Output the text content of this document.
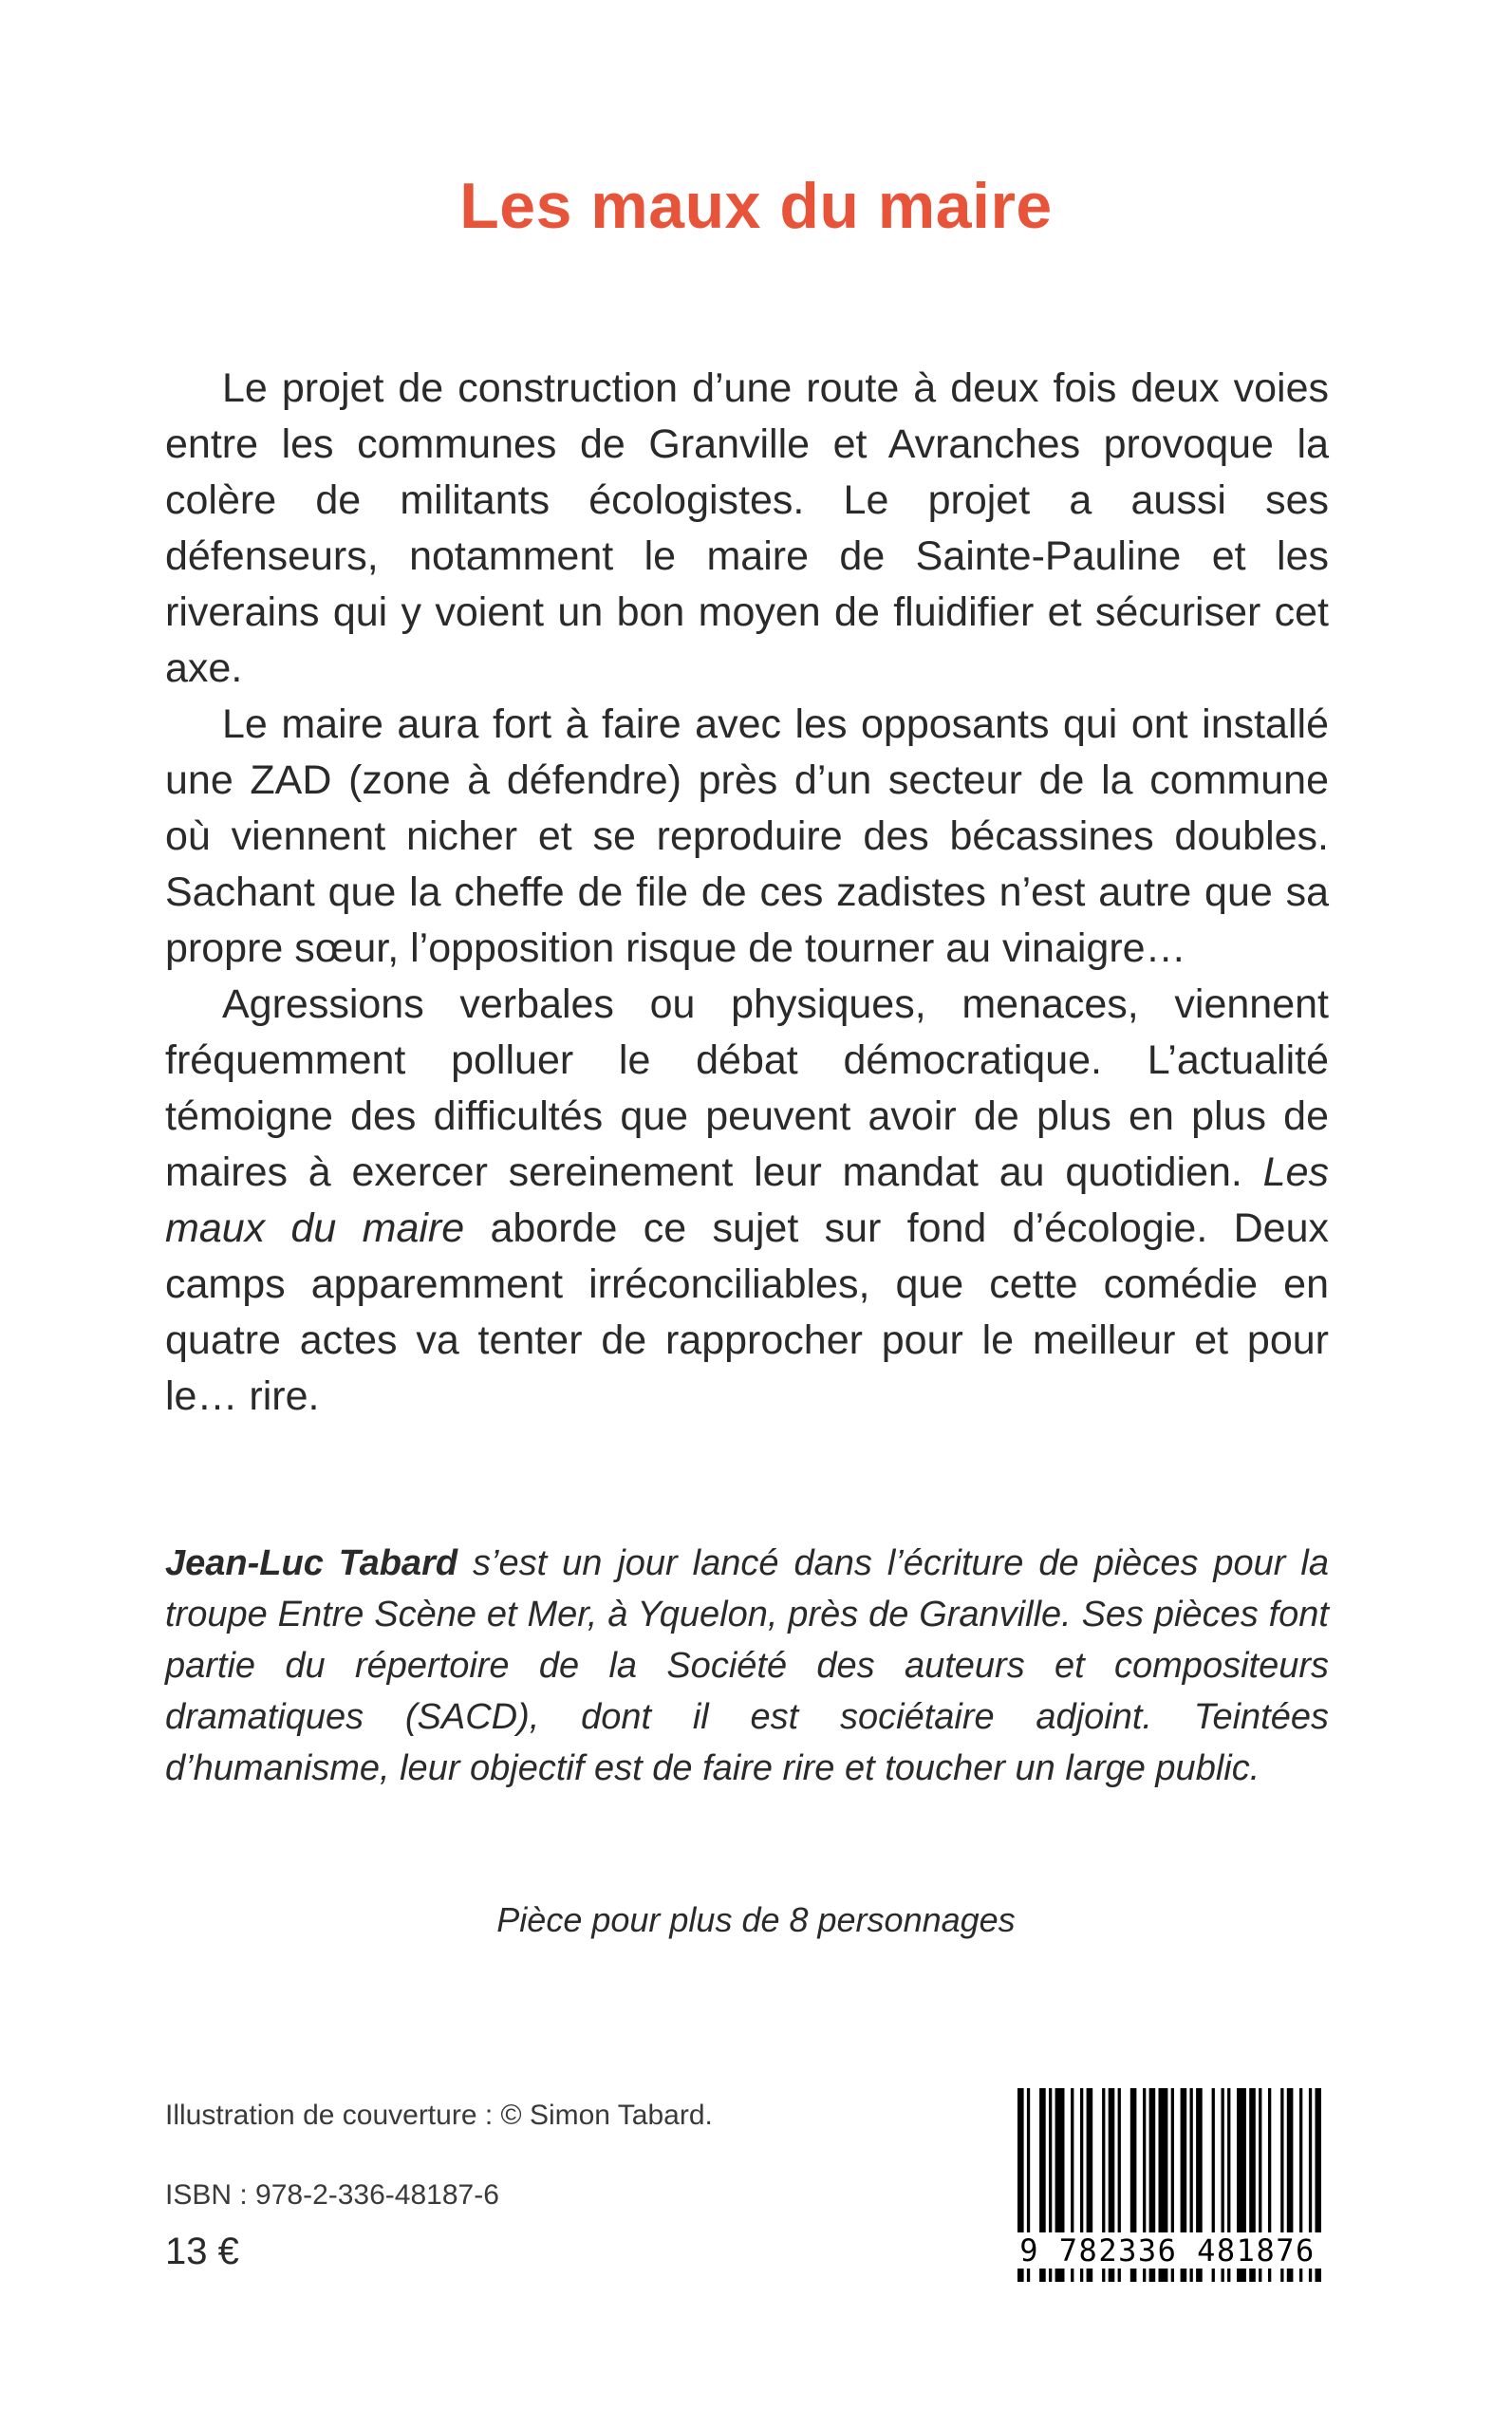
Les maux du maire

Le projet de construction d’une route à deux fois deux voies entre les communes de Granville et Avranches provoque la colère de militants écologistes. Le projet a aussi ses défenseurs, notamment le maire de Sainte-Pauline et les riverains qui y voient un bon moyen de fluidifier et sécuriser cet axe.

Le maire aura fort à faire avec les opposants qui ont installé une ZAD (zone à défendre) près d’un secteur de la commune où viennent nicher et se reproduire des bécassines doubles. Sachant que la cheffe de file de ces zadistes n’est autre que sa propre sœur, l’opposition risque de tourner au vinaigre…

Agressions verbales ou physiques, menaces, viennent fréquemment polluer le débat démocratique. L’actualité témoigne des difficultés que peuvent avoir de plus en plus de maires à exercer sereinement leur mandat au quotidien. Les maux du maire aborde ce sujet sur fond d’écologie. Deux camps apparemment irréconciliables, que cette comédie en quatre actes va tenter de rapprocher pour le meilleur et pour le… rire.

Jean-Luc Tabard s’est un jour lancé dans l’écriture de pièces pour la troupe Entre Scène et Mer, à Yquelon, près de Granville. Ses pièces font partie du répertoire de la Société des auteurs et compositeurs dramatiques (SACD), dont il est sociétaire adjoint. Teintées d’humanisme, leur objectif est de faire rire et toucher un large public.
Pièce pour plus de 8 personnages
Illustration de couverture : © Simon Tabard.
ISBN : 978-2-336-48187-6
13 €	9 782336 481876
